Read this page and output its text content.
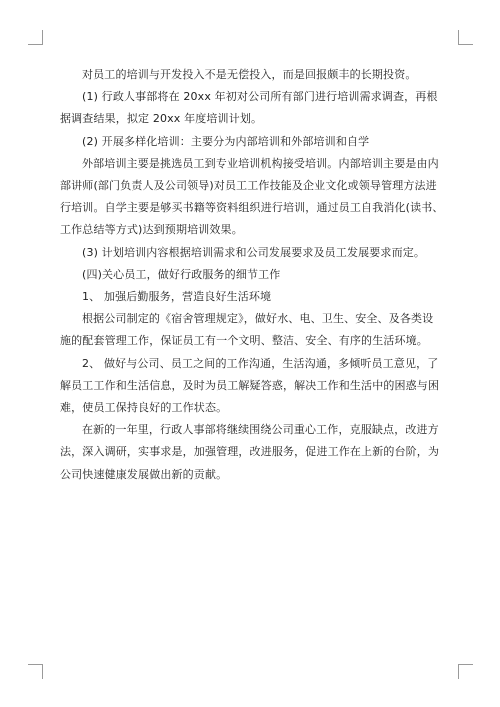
对员工的培训与开发投入不是无偿投入，而是回报颇丰的长期投资。

(1) 行政人事部将在 20xx 年初对公司所有部门进行培训需求调查，再根据调查结果，拟定 20xx 年度培训计划。

(2) 开展多样化培训：主要分为内部培训和外部培训和自学

外部培训主要是挑选员工到专业培训机构接受培训。内部培训主要是由内部讲师(部门负责人及公司领导)对员工工作技能及企业文化或领导管理方法进行培训。自学主要是够买书籍等资料组织进行培训，通过员工自我消化(读书、工作总结等方式)达到预期培训效果。

(3) 计划培训内容根据培训需求和公司发展要求及员工发展要求而定。

(四)关心员工，做好行政服务的细节工作

1、 加强后勤服务，营造良好生活环境

根据公司制定的《宿舍管理规定》，做好水、电、卫生、安全、及各类设施的配套管理工作，保证员工有一个文明、整洁、安全、有序的生活环境。

2、 做好与公司、员工之间的工作沟通，生活沟通，多倾听员工意见，了解员工工作和生活信息，及时为员工解疑答惑，解决工作和生活中的困惑与困难，使员工保持良好的工作状态。

在新的一年里，行政人事部将继续围绕公司重心工作，克服缺点，改进方法，深入调研，实事求是，加强管理，改进服务，促进工作在上新的台阶，为公司快速健康发展做出新的贡献。
